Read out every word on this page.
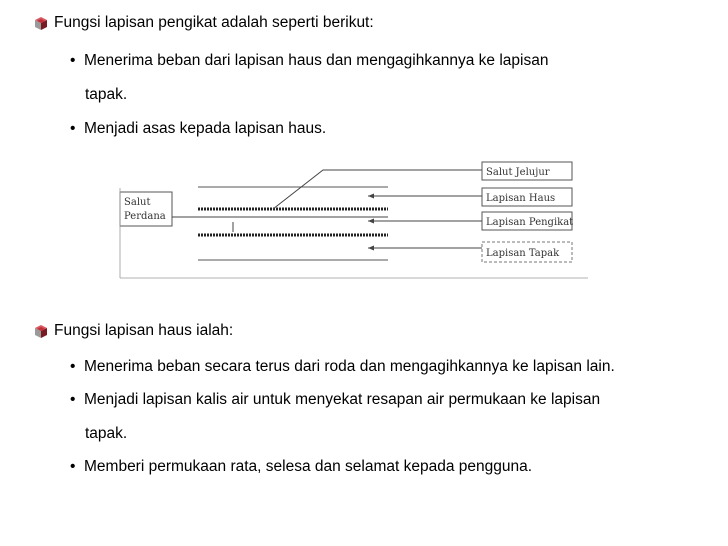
Fungsi lapisan pengikat adalah seperti berikut:
• Menerima beban dari lapisan haus dan mengagihkannya ke lapisan
tapak.
• Menjadi asas kepada lapisan haus.
Salut
Perdana
Salut Jelujur
Lapisan Haus
Lapisan Pengikat
Lapisan Tapak
Fungsi lapisan haus ialah:
• Menerima beban secara terus dari roda dan mengagihkannya ke lapisan lain.
• Menjadi lapisan kalis air untuk menyekat resapan air permukaan ke lapisan
tapak.
• Memberi permukaan rata, selesa dan selamat kepada pengguna.
